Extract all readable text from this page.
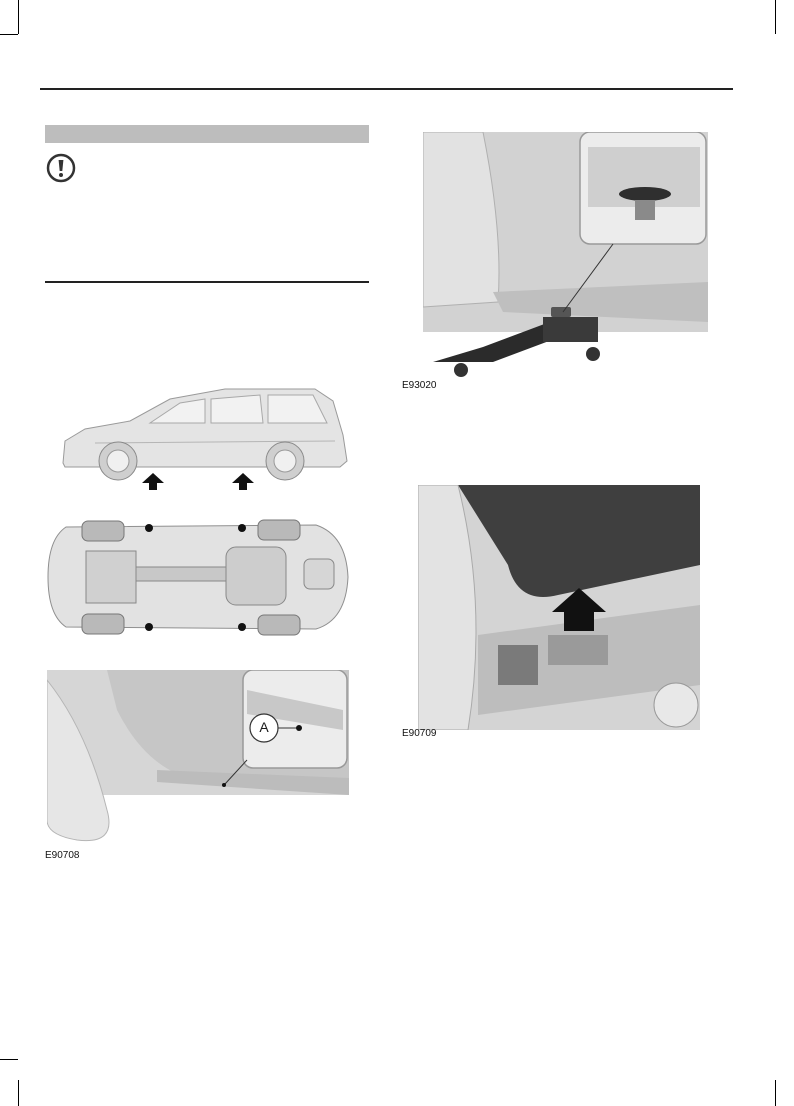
A
E90708
E93020
E90709
